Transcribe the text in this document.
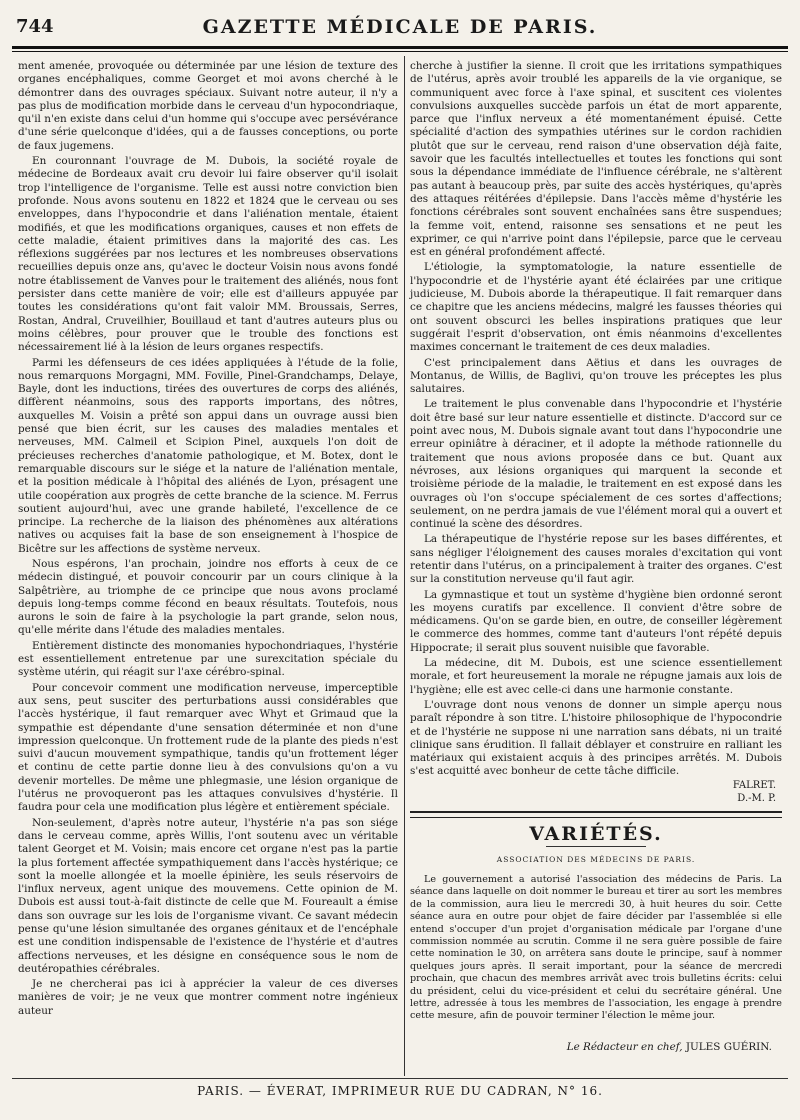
744	GAZETTE MÉDICALE DE PARIS.

ment amenée, provoquée ou déterminée par une lésion de texture des organes encéphaliques, comme Georget et moi avons cherché à le démontrer dans des ouvrages spéciaux. Suivant notre auteur, il n'y a pas plus de modification morbide dans le cerveau d'un hypocondriaque, qu'il n'en existe dans celui d'un homme qui s'occupe avec persévérance d'une série quelconque d'idées, qui a de fausses conceptions, ou porte de faux jugemens.

En couronnant l'ouvrage de M. Dubois, la société royale de médecine de Bordeaux avait cru devoir lui faire observer qu'il isolait trop l'intelligence de l'organisme. Telle est aussi notre conviction bien profonde. Nous avons soutenu en 1822 et 1824 que le cerveau ou ses enveloppes, dans l'hypocondrie et dans l'aliénation mentale, étaient modifiés, et que les modifications organiques, causes et non effets de cette maladie, étaient primitives dans la majorité des cas. Les réflexions suggérées par nos lectures et les nombreuses observations recueillies depuis onze ans, qu'avec le docteur Voisin nous avons fondé notre établissement de Vanves pour le traitement des aliénés, nous font persister dans cette manière de voir; elle est d'ailleurs appuyée par toutes les considérations qu'ont fait valoir MM. Broussais, Serres, Rostan, Andral, Cruveilhier, Bouillaud et tant d'autres auteurs plus ou moins célèbres, pour prouver que le trouble des fonctions est nécessairement lié à la lésion de leurs organes respectifs.

Parmi les défenseurs de ces idées appliquées à l'étude de la folie, nous remarquons Morgagni, MM. Foville, Pinel-Grandchamps, Delaye, Bayle, dont les inductions, tirées des ouvertures de corps des aliénés, diffèrent néanmoins, sous des rapports importans, des nôtres, auxquelles M. Voisin a prêté son appui dans un ouvrage aussi bien pensé que bien écrit, sur les causes des maladies mentales et nerveuses, MM. Calmeil et Scipion Pinel, auxquels l'on doit de précieuses recherches d'anatomie pathologique, et M. Botex, dont le remarquable discours sur le siége et la nature de l'aliénation mentale, et la position médicale à l'hôpital des aliénés de Lyon, présagent une utile coopération aux progrès de cette branche de la science. M. Ferrus soutient aujourd'hui, avec une grande habileté, l'excellence de ce principe. La recherche de la liaison des phénomènes aux altérations natives ou acquises fait la base de son enseignement à l'hospice de Bicêtre sur les affections de système nerveux.

Nous espérons, l'an prochain, joindre nos efforts à ceux de ce médecin distingué, et pouvoir concourir par un cours clinique à la Salpêtrière, au triomphe de ce principe que nous avons proclamé depuis long-temps comme fécond en beaux résultats. Toutefois, nous aurons le soin de faire à la psychologie la part grande, selon nous, qu'elle mérite dans l'étude des maladies mentales.

Entièrement distincte des monomanies hypochondriaques, l'hystérie est essentiellement entretenue par une surexcitation spéciale du système utérin, qui réagit sur l'axe cérébro-spinal.

Pour concevoir comment une modification nerveuse, imperceptible aux sens, peut susciter des perturbations aussi considérables que l'accès hystérique, il faut remarquer avec Whyt et Grimaud que la sympathie est dépendante d'une sensation déterminée et non d'une impression quelconque. Un frottement rude de la plante des pieds n'est suivi d'aucun mouvement sympathique, tandis qu'un frottement léger et continu de cette partie donne lieu à des convulsions qu'on a vu devenir mortelles. De même une phlegmasie, une lésion organique de l'utérus ne provoqueront pas les attaques convulsives d'hystérie. Il faudra pour cela une modification plus légère et entièrement spéciale.

Non-seulement, d'après notre auteur, l'hystérie n'a pas son siége dans le cerveau comme, après Willis, l'ont soutenu avec un véritable talent Georget et M. Voisin; mais encore cet organe n'est pas la partie la plus fortement affectée sympathiquement dans l'accès hystérique; ce sont la moelle allongée et la moelle épinière, les seuls réservoirs de l'influx nerveux, agent unique des mouvemens. Cette opinion de M. Dubois est aussi tout-à-fait distincte de celle que M. Foureault a émise dans son ouvrage sur les lois de l'organisme vivant. Ce savant médecin pense qu'une lésion simultanée des organes génitaux et de l'encéphale est une condition indispensable de l'existence de l'hystérie et d'autres affections nerveuses, et les désigne en conséquence sous le nom de deutéropathies cérébrales.

Je ne chercherai pas ici à apprécier la valeur de ces diverses manières de voir; je ne veux que montrer comment notre ingénieux auteur

cherche à justifier la sienne. Il croit que les irritations sympathiques de l'utérus, après avoir troublé les appareils de la vie organique, se communiquent avec force à l'axe spinal, et suscitent ces violentes convulsions auxquelles succède parfois un état de mort apparente, parce que l'influx nerveux a été momentanément épuisé. Cette spécialité d'action des sympathies utérines sur le cordon rachidien plutôt que sur le cerveau, rend raison d'une observation déjà faite, savoir que les facultés intellectuelles et toutes les fonctions qui sont sous la dépendance immédiate de l'influence cérébrale, ne s'altèrent pas autant à beaucoup près, par suite des accès hystériques, qu'après des attaques réitérées d'épilepsie. Dans l'accès même d'hystérie les fonctions cérébrales sont souvent enchaînées sans être suspendues; la femme voit, entend, raisonne ses sensations et ne peut les exprimer, ce qui n'arrive point dans l'épilepsie, parce que le cerveau est en général profondément affecté.

L'étiologie, la symptomatologie, la nature essentielle de l'hypocondrie et de l'hystérie ayant été éclairées par une critique judicieuse, M. Dubois aborde la thérapeutique. Il fait remarquer dans ce chapitre que les anciens médecins, malgré les fausses théories qui ont souvent obscurci les belles inspirations pratiques que leur suggérait l'esprit d'observation, ont émis néanmoins d'excellentes maximes concernant le traitement de ces deux maladies.

C'est principalement dans Aëtius et dans les ouvrages de Montanus, de Willis, de Baglivi, qu'on trouve les préceptes les plus salutaires.

Le traitement le plus convenable dans l'hypocondrie et l'hystérie doit être basé sur leur nature essentielle et distincte. D'accord sur ce point avec nous, M. Dubois signale avant tout dans l'hypocondrie une erreur opiniâtre à déraciner, et il adopte la méthode rationnelle du traitement que nous avions proposée dans ce but. Quant aux névroses, aux lésions organiques qui marquent la seconde et troisième période de la maladie, le traitement en est exposé dans les ouvrages où l'on s'occupe spécialement de ces sortes d'affections; seulement, on ne perdra jamais de vue l'élément moral qui a ouvert et continué la scène des désordres.

La thérapeutique de l'hystérie repose sur les bases différentes, et sans négliger l'éloignement des causes morales d'excitation qui vont retentir dans l'utérus, on a principalement à traiter des organes. C'est sur la constitution nerveuse qu'il faut agir.

La gymnastique et tout un système d'hygiène bien ordonné seront les moyens curatifs par excellence. Il convient d'être sobre de médicamens. Qu'on se garde bien, en outre, de conseiller légèrement le commerce des hommes, comme tant d'auteurs l'ont répété depuis Hippocrate; il serait plus souvent nuisible que favorable.

La médecine, dit M. Dubois, est une science essentiellement morale, et fort heureusement la morale ne répugne jamais aux lois de l'hygiène; elle est avec celle-ci dans une harmonie constante.

L'ouvrage dont nous venons de donner un simple aperçu nous paraît répondre à son titre. L'histoire philosophique de l'hypocondrie et de l'hystérie ne suppose ni une narration sans débats, ni un traité clinique sans érudition. Il fallait déblayer et construire en ralliant les matériaux qui existaient acquis à des principes arrêtés. M. Dubois s'est acquitté avec bonheur de cette tâche difficile.

FALRET.
D.-M. P.
VARIÉTÉS.
ASSOCIATION DES MÉDECINS DE PARIS.

Le gouvernement a autorisé l'association des médecins de Paris. La séance dans laquelle on doit nommer le bureau et tirer au sort les membres de la commission, aura lieu le mercredi 30, à huit heures du soir. Cette séance aura en outre pour objet de faire décider par l'assemblée si elle entend s'occuper d'un projet d'organisation médicale par l'organe d'une commission nommée au scrutin. Comme il ne sera guère possible de faire cette nomination le 30, on arrêtera sans doute le principe, sauf à nommer quelques jours après. Il serait important, pour la séance de mercredi prochain, que chacun des membres arrivât avec trois bulletins écrits: celui du président, celui du vice-président et celui du secrétaire général. Une lettre, adressée à tous les membres de l'association, les engage à prendre cette mesure, afin de pouvoir terminer l'élection le même jour.

Le Rédacteur en chef, JULES GUÉRIN.
PARIS. — ÉVERAT, IMPRIMEUR RUE DU CADRAN, N° 16.
